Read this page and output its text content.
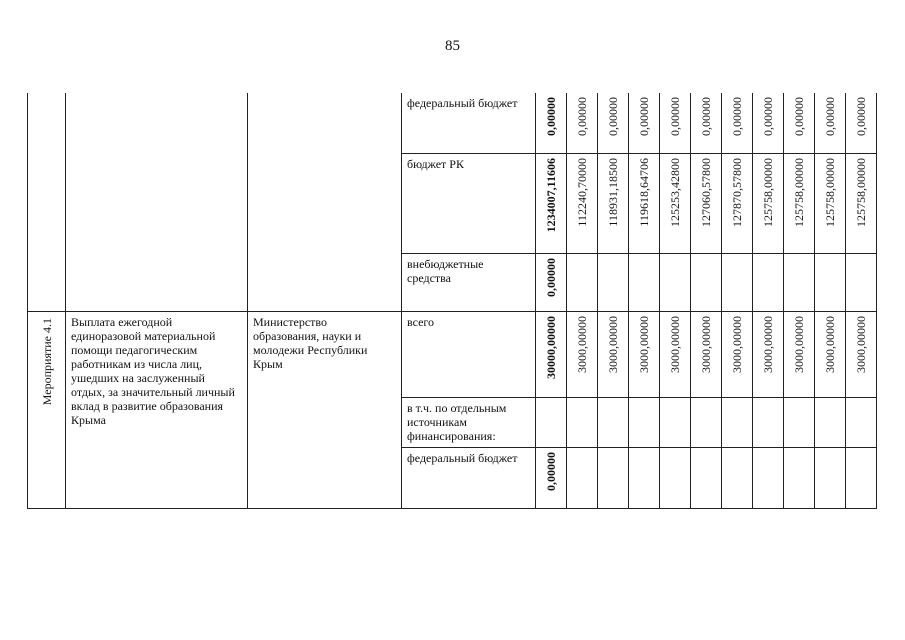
85

			федеральный бюджет	0,00000	0,00000	0,00000	0,00000	0,00000	0,00000	0,00000	0,00000	0,00000	0,00000	0,00000

			бюджет РК	1234007,11606	112240,70000	118931,18500	119618,64706	125253,42800	127060,57800	127870,57800	125758,00000	125758,00000	125758,00000	125758,00000

			внебюджетные средства	0,00000										

Мероприятие 4.1	Выплата ежегодной единоразовой материальной помощи педагогическим работникам из числа лиц, ушедших на заслуженный отдых, за значительный личный вклад в развитие образования Крыма	Министерство образования, науки и молодежи Республики Крым	всего	30000,00000	3000,00000	3000,00000	3000,00000	3000,00000	3000,00000	3000,00000	3000,00000	3000,00000	3000,00000	3000,00000

			в т.ч. по отдельным источникам финансирования:											

			федеральный бюджет	0,00000										
